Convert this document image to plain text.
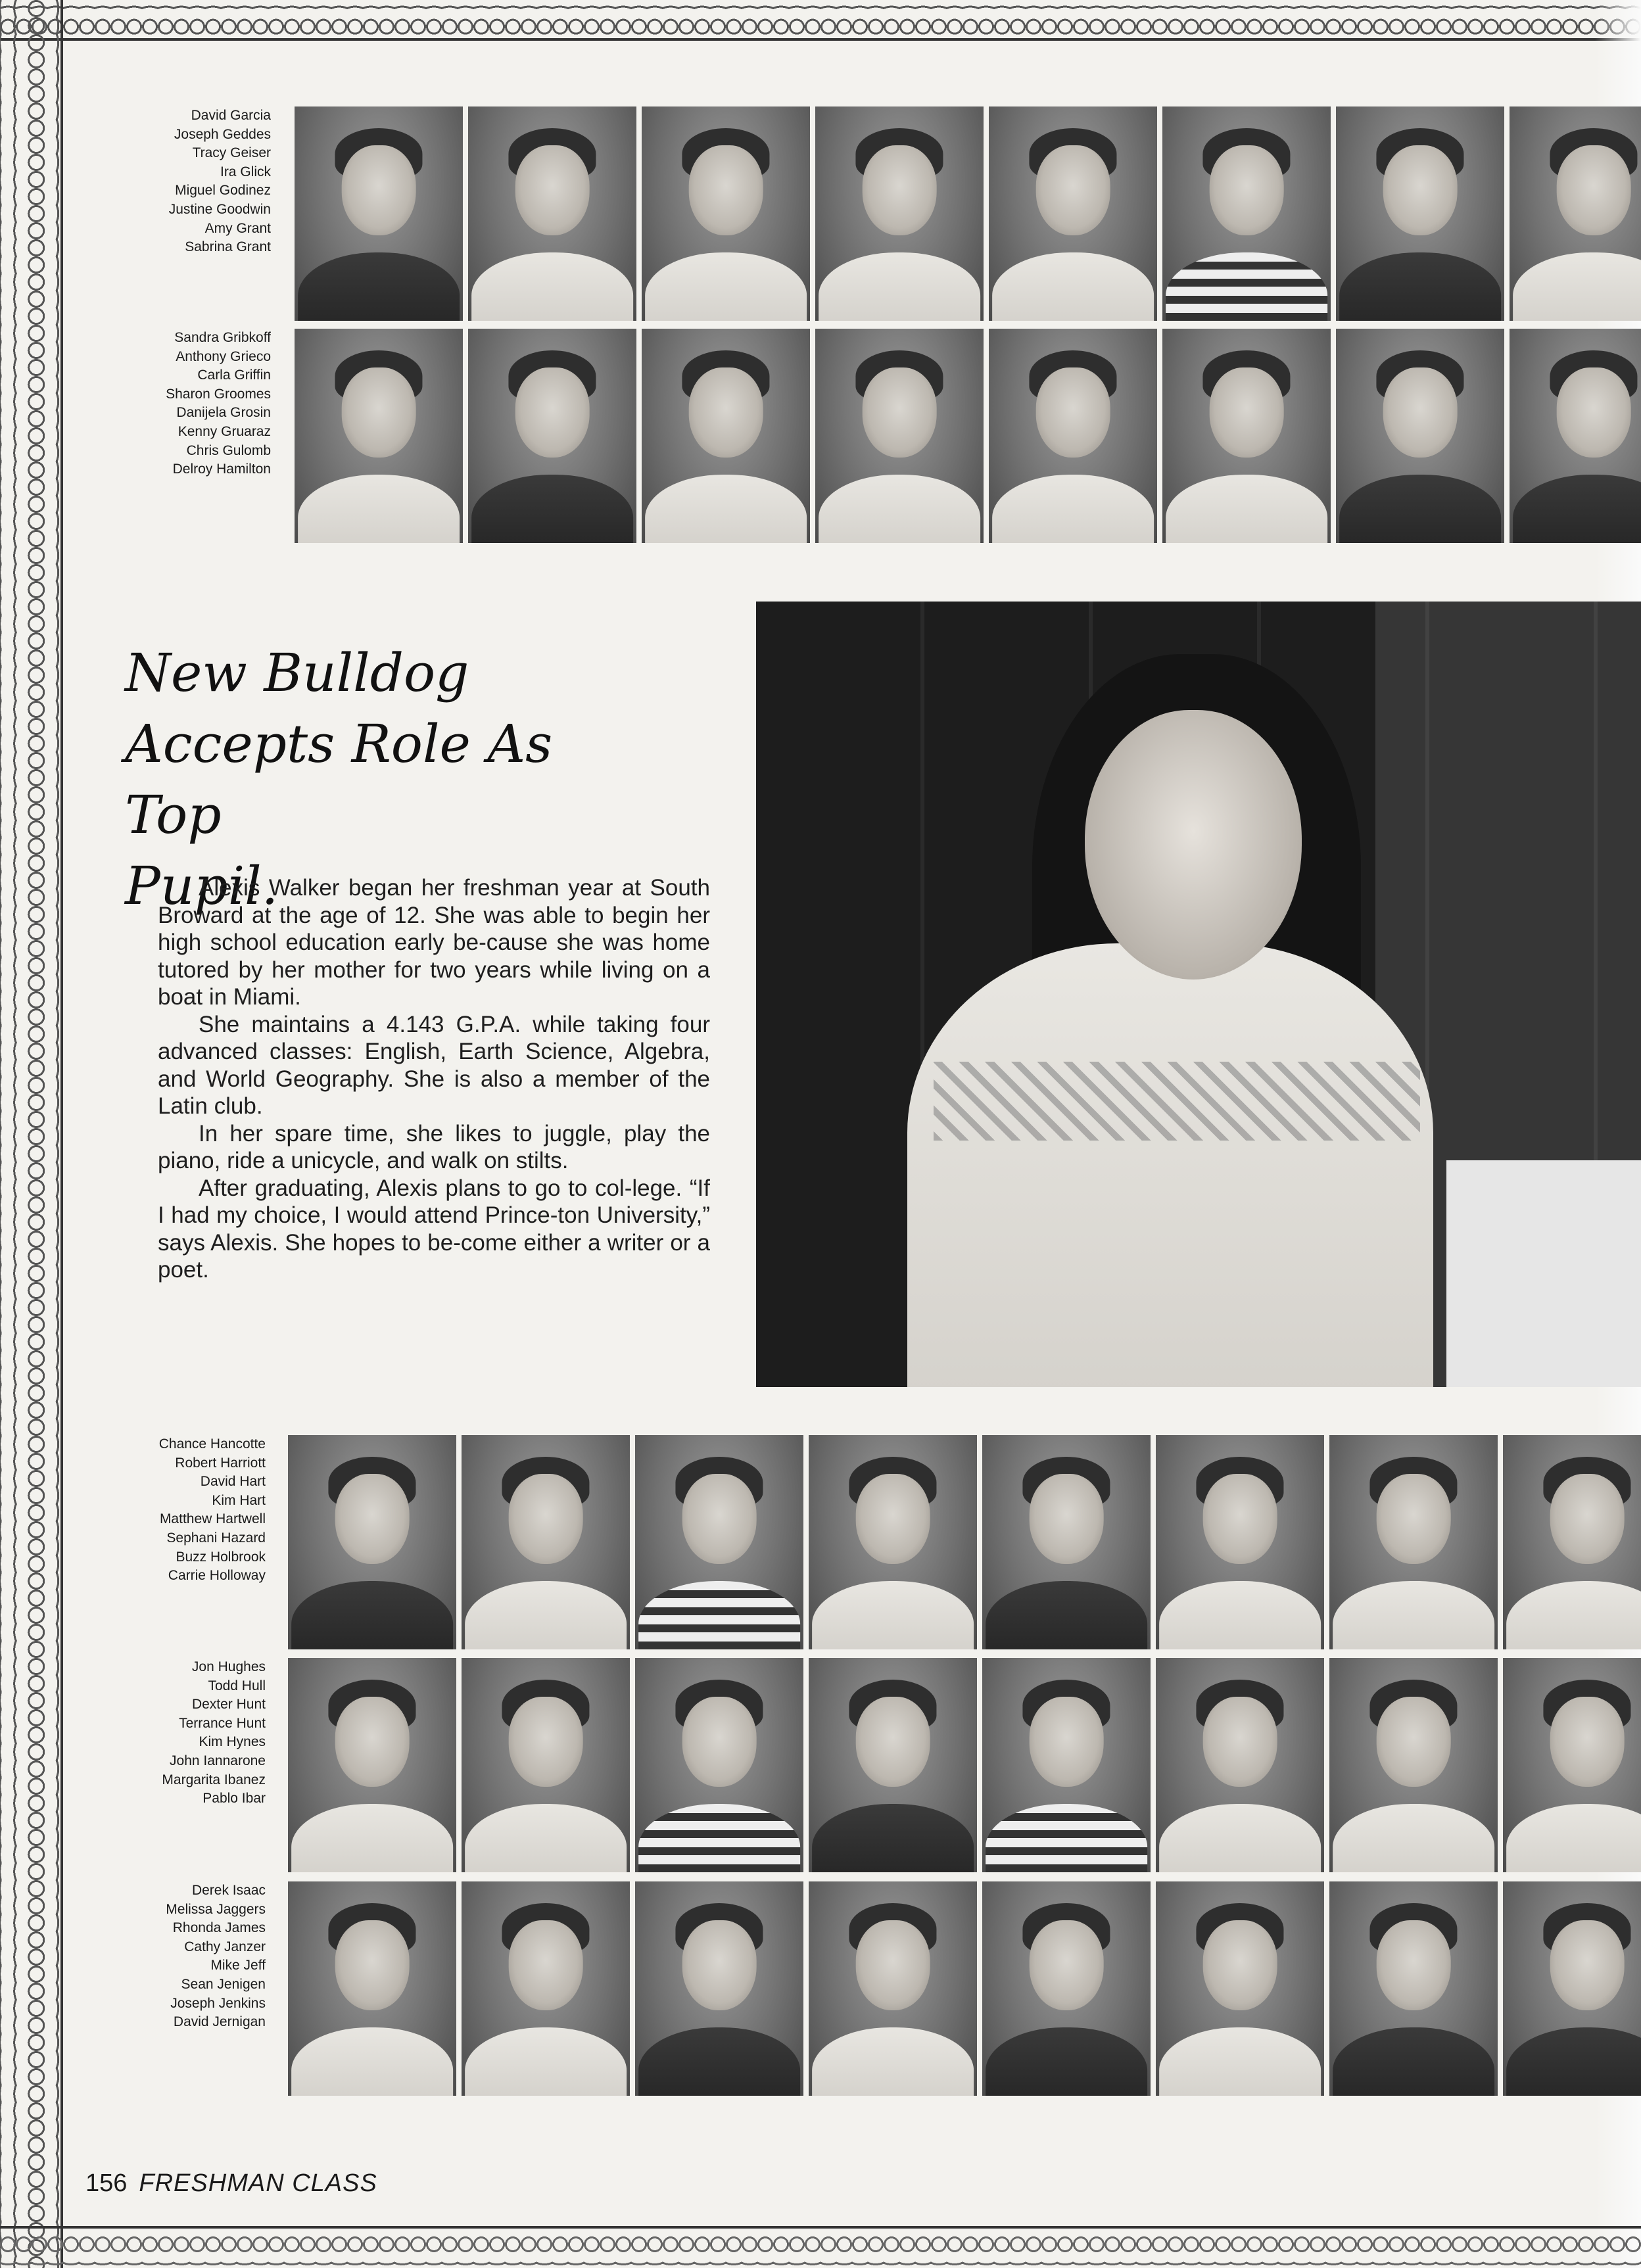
David Garcia
Joseph Geddes
Tracy Geiser
Ira Glick
Miguel Godinez
Justine Goodwin
Amy Grant
Sabrina Grant
Sandra Gribkoff
Anthony Grieco
Carla Griffin
Sharon Groomes
Danijela Grosin
Kenny Gruaraz
Chris Gulomb
Delroy Hamilton
New Bulldog
Accepts Role As Top
Pupil.

Alexis Walker began her freshman year at South Broward at the age of 12. She was able to begin her high school education early be-cause she was home tutored by her mother for two years while living on a boat in Miami.

She maintains a 4.143 G.P.A. while taking four advanced classes: English, Earth Science, Algebra, and World Geography. She is also a member of the Latin club.

In her spare time, she likes to juggle, play the piano, ride a unicycle, and walk on stilts.

After graduating, Alexis plans to go to col-lege. “If I had my choice, I would attend Prince-ton University,” says Alexis. She hopes to be-come either a writer or a poet.

Chance Hancotte
Robert Harriott
David Hart
Kim Hart
Matthew Hartwell
Sephani Hazard
Buzz Holbrook
Carrie Holloway
Jon Hughes
Todd Hull
Dexter Hunt
Terrance Hunt
Kim Hynes
John Iannarone
Margarita Ibanez
Pablo Ibar
Derek Isaac
Melissa Jaggers
Rhonda James
Cathy Janzer
Mike Jeff
Sean Jenigen
Joseph Jenkins
David Jernigan
156 FRESHMAN CLASS
